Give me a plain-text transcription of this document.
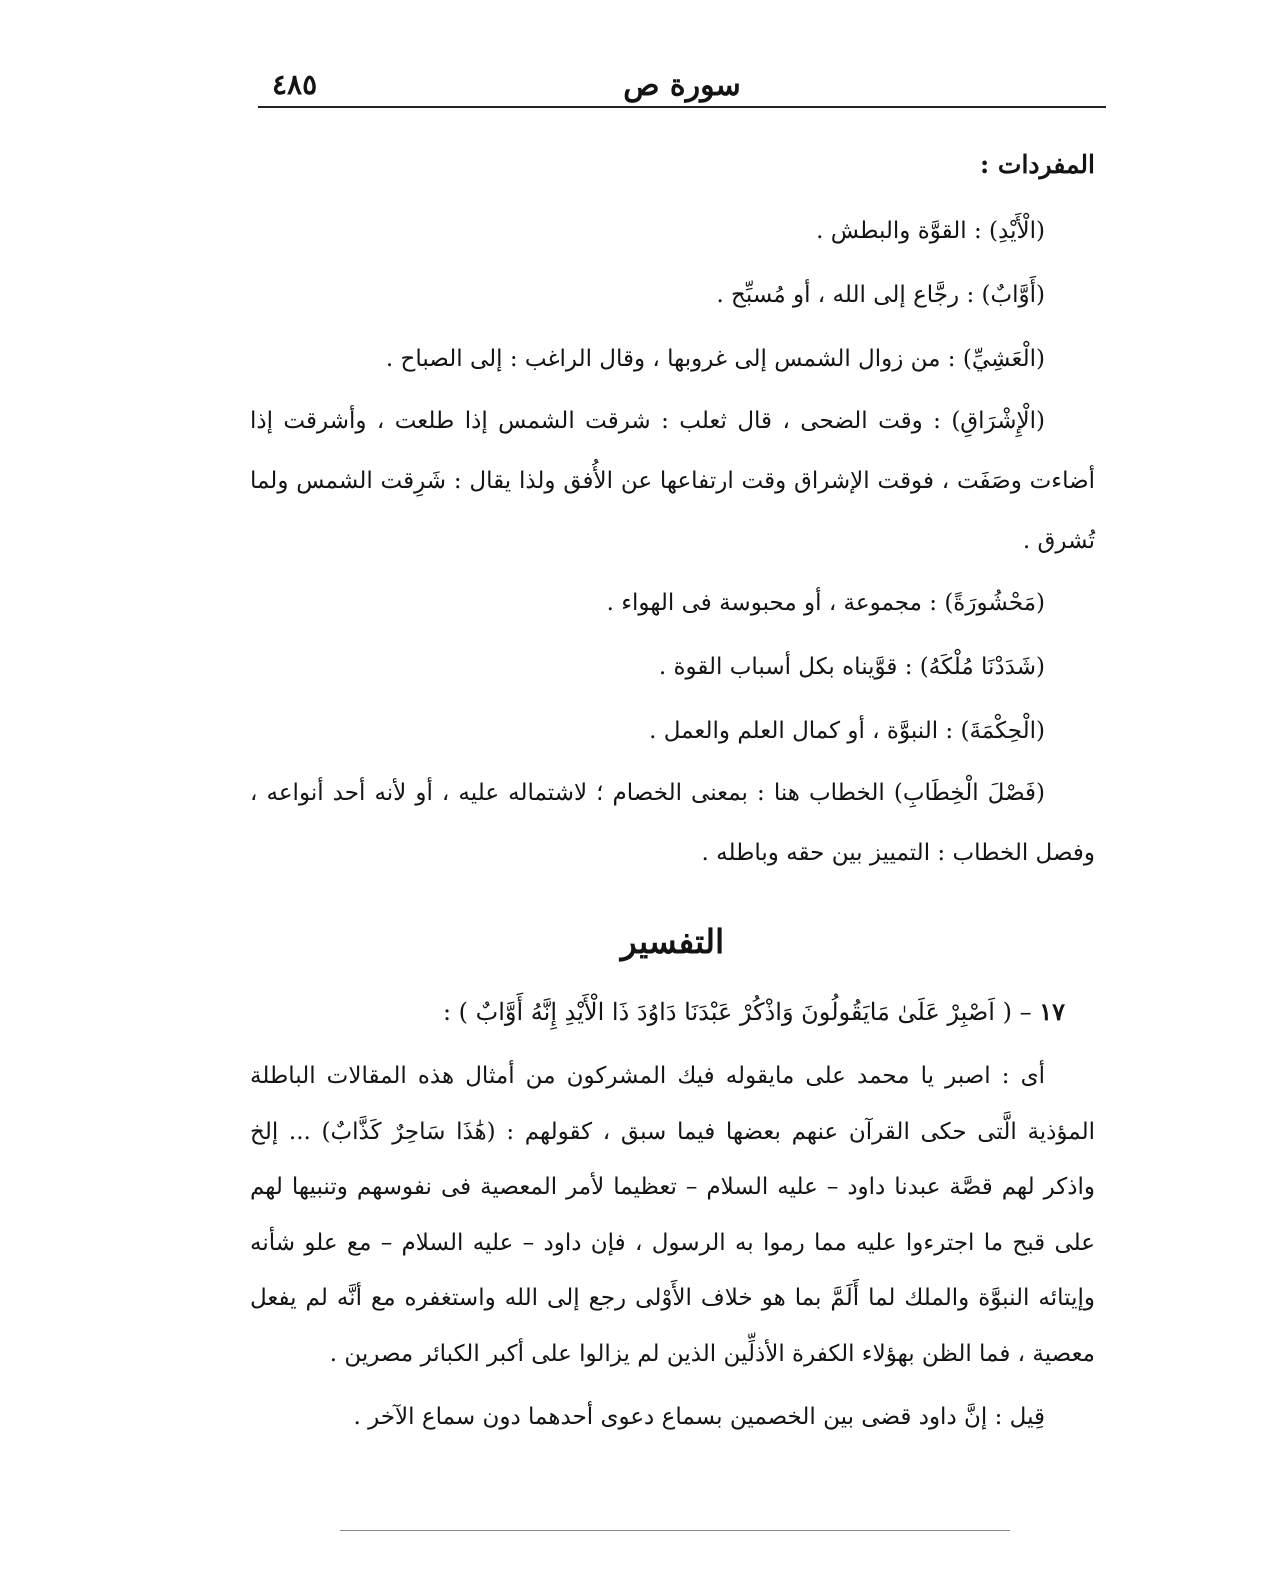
سورة ص
٤٨٥
المفردات :

(الْأَيْدِ) : القوَّة والبطش .

(أَوَّابٌ) : رجَّاع إلى الله ، أو مُسبِّح .

(الْعَشِيِّ) : من زوال الشمس إلى غروبها ، وقال الراغب : إلى الصباح .

(الْإِشْرَاقِ) : وقت الضحى ، قال ثعلب : شرقت الشمس إذا طلعت ، وأشرقت إذا أضاءت وصَفَت ، فوقت الإشراق وقت ارتفاعها عن الأُفق ولذا يقال : شَرِقت الشمس ولما تُشرق .

(مَحْشُورَةً) : مجموعة ، أو محبوسة فى الهواء .

(شَدَدْنَا مُلْكَهُ) : قوَّيناه بكل أسباب القوة .

(الْحِكْمَةَ) : النبوَّة ، أو كمال العلم والعمل .

(فَصْلَ الْخِطَابِ) الخطاب هنا : بمعنى الخصام ؛ لاشتماله عليه ، أو لأنه أحد أنواعه ، وفصل الخطاب : التمييز بين حقه وباطله .

التفسير

١٧ – ( اَصْبِرْ عَلَىٰ مَايَقُولُونَ وَاذْكُرْ عَبْدَنَا دَاوُدَ ذَا الْأَيْدِ إِنَّهُ أَوَّابٌ ) :

أى : اصبر يا محمد على مايقوله فيك المشركون من أمثال هذه المقالات الباطلة المؤذية الَّتى حكى القرآن عنهم بعضها فيما سبق ، كقولهم : (هَٰذَا سَاحِرٌ كَذَّابٌ) ... إلخ واذكر لهم قصَّة عبدنا داود – عليه السلام – تعظيما لأمر المعصية فى نفوسهم وتنبيها لهم على قبح ما اجترءوا عليه مما رموا به الرسول ، فإن داود – عليه السلام – مع علو شأنه وإيتائه النبوَّة والملك لما أَلَمَّ بما هو خلاف الأَوْلى رجع إلى الله واستغفره مع أنَّه لم يفعل معصية ، فما الظن بهؤلاء الكفرة الأذلِّين الذين لم يزالوا على أكبر الكبائر مصرين .

قِيل : إنَّ داود قضى بين الخصمين بسماع دعوى أحدهما دون سماع الآخر .
